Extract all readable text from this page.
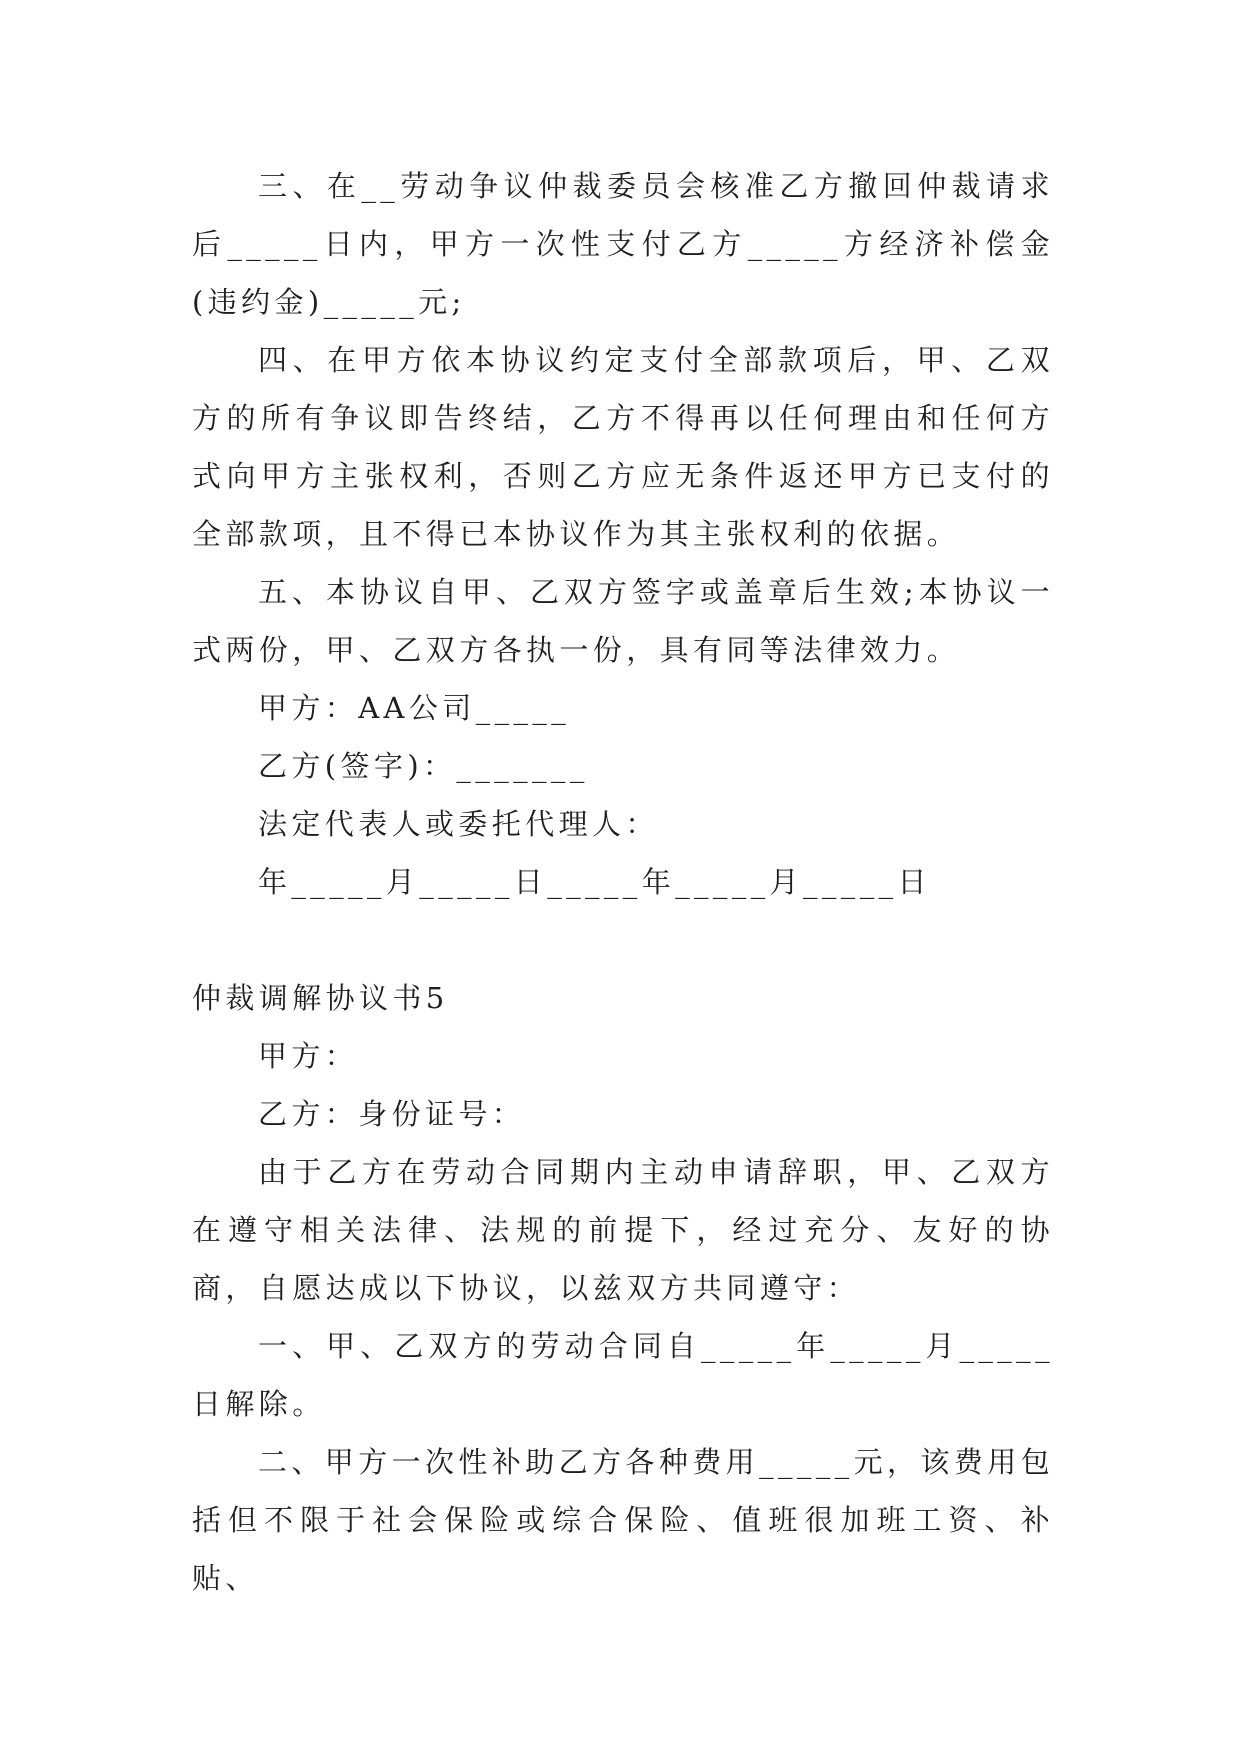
三、在__劳动争议仲裁委员会核准乙方撤回仲裁请求后_____日内，甲方一次性支付乙方_____方经济补偿金(违约金)_____元;

四、在甲方依本协议约定支付全部款项后，甲、乙双方的所有争议即告终结，乙方不得再以任何理由和任何方式向甲方主张权利，否则乙方应无条件返还甲方已支付的全部款项，且不得已本协议作为其主张权利的依据。

五、本协议自甲、乙双方签字或盖章后生效;本协议一式两份，甲、乙双方各执一份，具有同等法律效力。

甲方：AA公司_____

乙方(签字)：_______

法定代表人或委托代理人：

年_____月_____日_____年_____月_____日

仲裁调解协议书5

甲方：

乙方：身份证号：

由于乙方在劳动合同期内主动申请辞职，甲、乙双方在遵守相关法律、法规的前提下，经过充分、友好的协商，自愿达成以下协议，以兹双方共同遵守：

一、甲、乙双方的劳动合同自_____年_____月_____日解除。

二、甲方一次性补助乙方各种费用_____元，该费用包括但不限于社会保险或综合保险、值班很加班工资、补贴、
